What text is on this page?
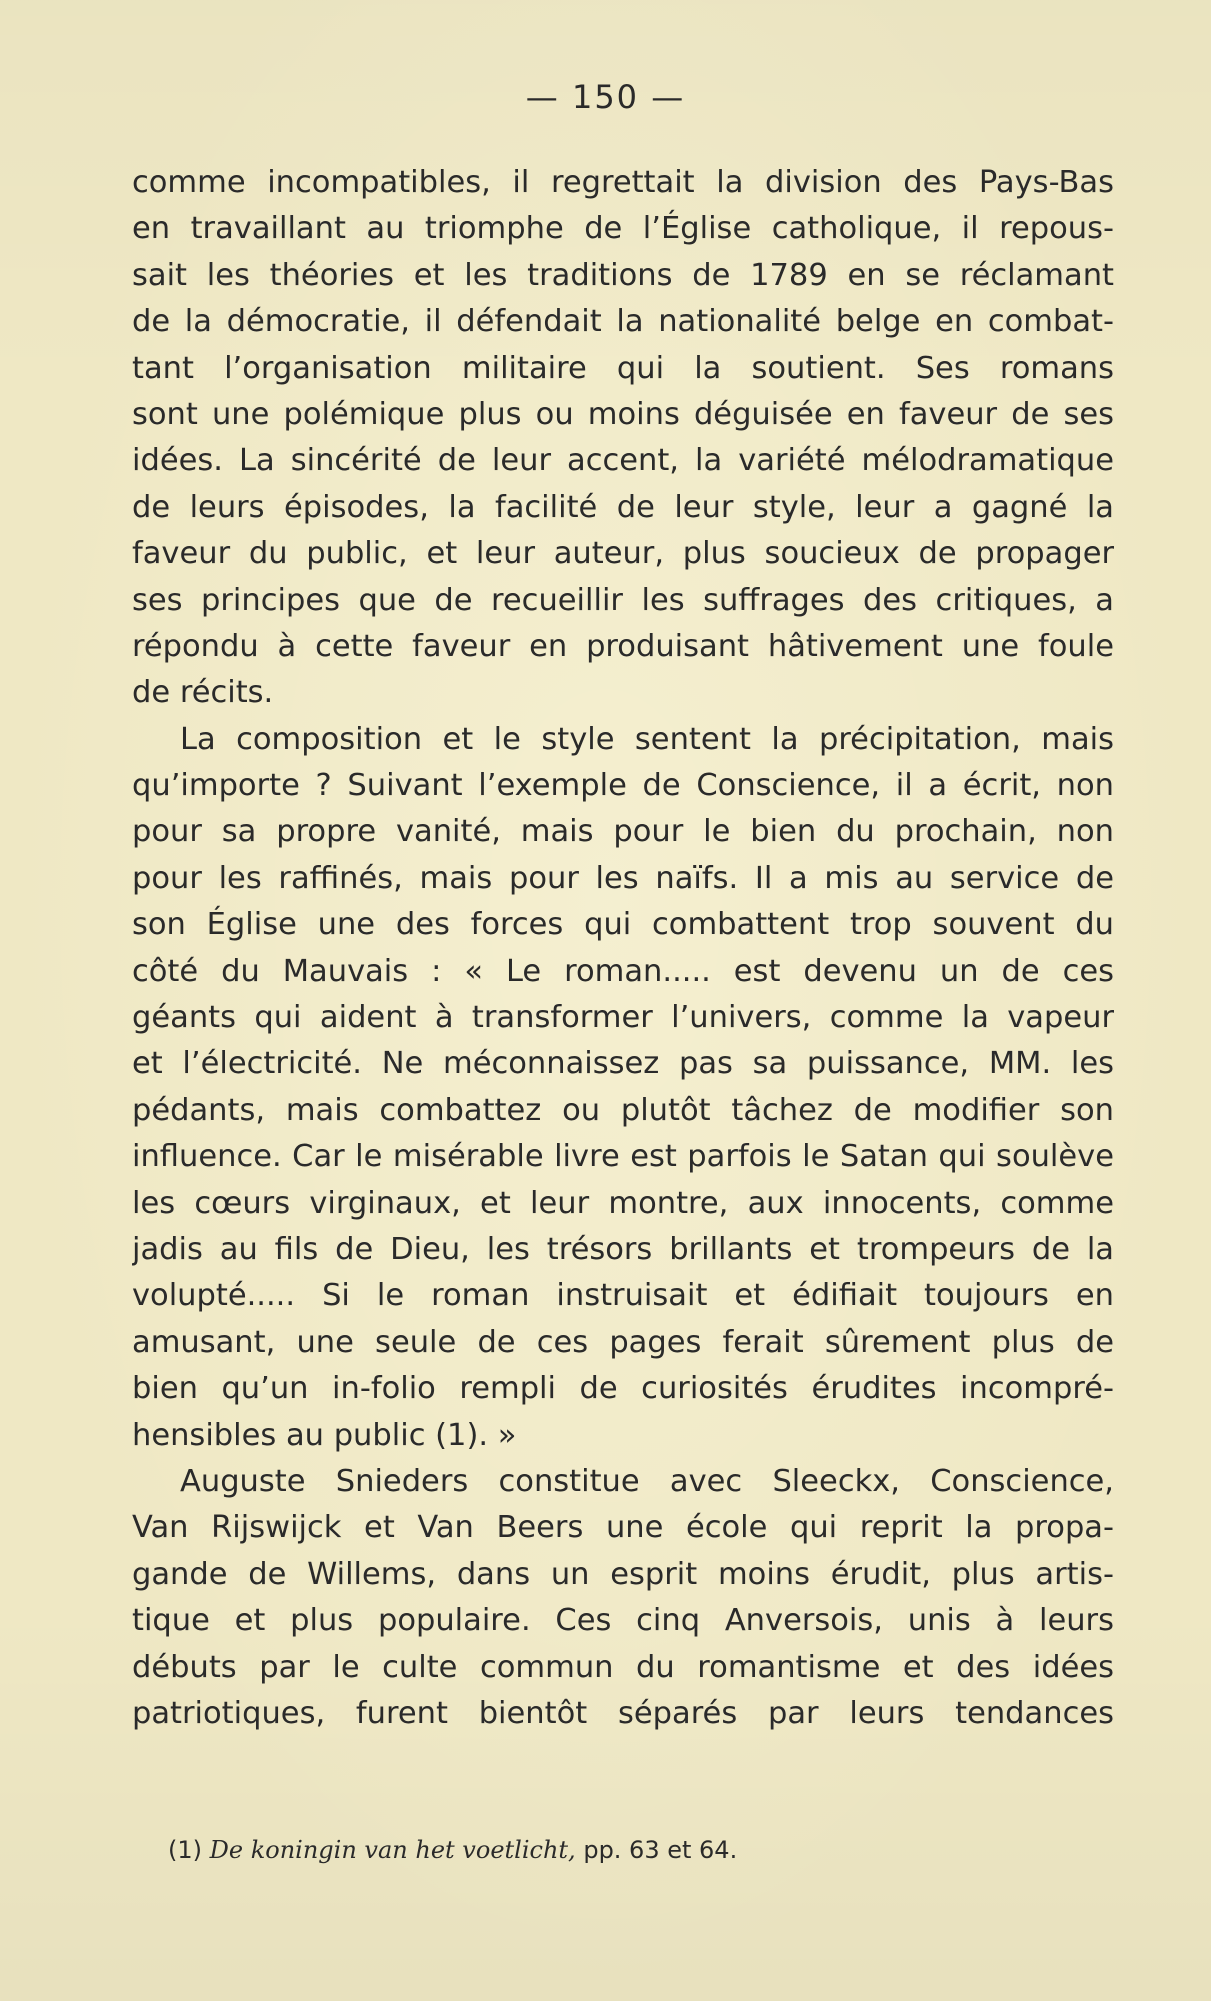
— 150 —
comme incompatibles, il regrettait la division des Pays-Bas
en travaillant au triomphe de l’Église catholique, il repous-
sait les théories et les traditions de 1789 en se réclamant
de la démocratie, il défendait la nationalité belge en combat-
tant l’organisation militaire qui la soutient. Ses romans
sont une polémique plus ou moins déguisée en faveur de ses
idées. La sincérité de leur accent, la variété mélodramatique
de leurs épisodes, la facilité de leur style, leur a gagné la
faveur du public, et leur auteur, plus soucieux de propager
ses principes que de recueillir les suffrages des critiques, a
répondu à cette faveur en produisant hâtivement une foule
de récits.
La composition et le style sentent la précipitation, mais
qu’importe ? Suivant l’exemple de Conscience, il a écrit, non
pour sa propre vanité, mais pour le bien du prochain, non
pour les raffinés, mais pour les naïfs. Il a mis au service de
son Église une des forces qui combattent trop souvent du
côté du Mauvais : « Le roman..... est devenu un de ces
géants qui aident à transformer l’univers, comme la vapeur
et l’électricité. Ne méconnaissez pas sa puissance, MM. les
pédants, mais combattez ou plutôt tâchez de modifier son
influence. Car le misérable livre est parfois le Satan qui soulève
les cœurs virginaux, et leur montre, aux innocents, comme
jadis au fils de Dieu, les trésors brillants et trompeurs de la
volupté..... Si le roman instruisait et édifiait toujours en
amusant, une seule de ces pages ferait sûrement plus de
bien qu’un in-folio rempli de curiosités érudites incompré-
hensibles au public (1). »
Auguste Snieders constitue avec Sleeckx, Conscience,
Van Rijswijck et Van Beers une école qui reprit la propa-
gande de Willems, dans un esprit moins érudit, plus artis-
tique et plus populaire. Ces cinq Anversois, unis à leurs
débuts par le culte commun du romantisme et des idées
patriotiques, furent bientôt séparés par leurs tendances
(1) De koningin van het voetlicht, pp. 63 et 64.
